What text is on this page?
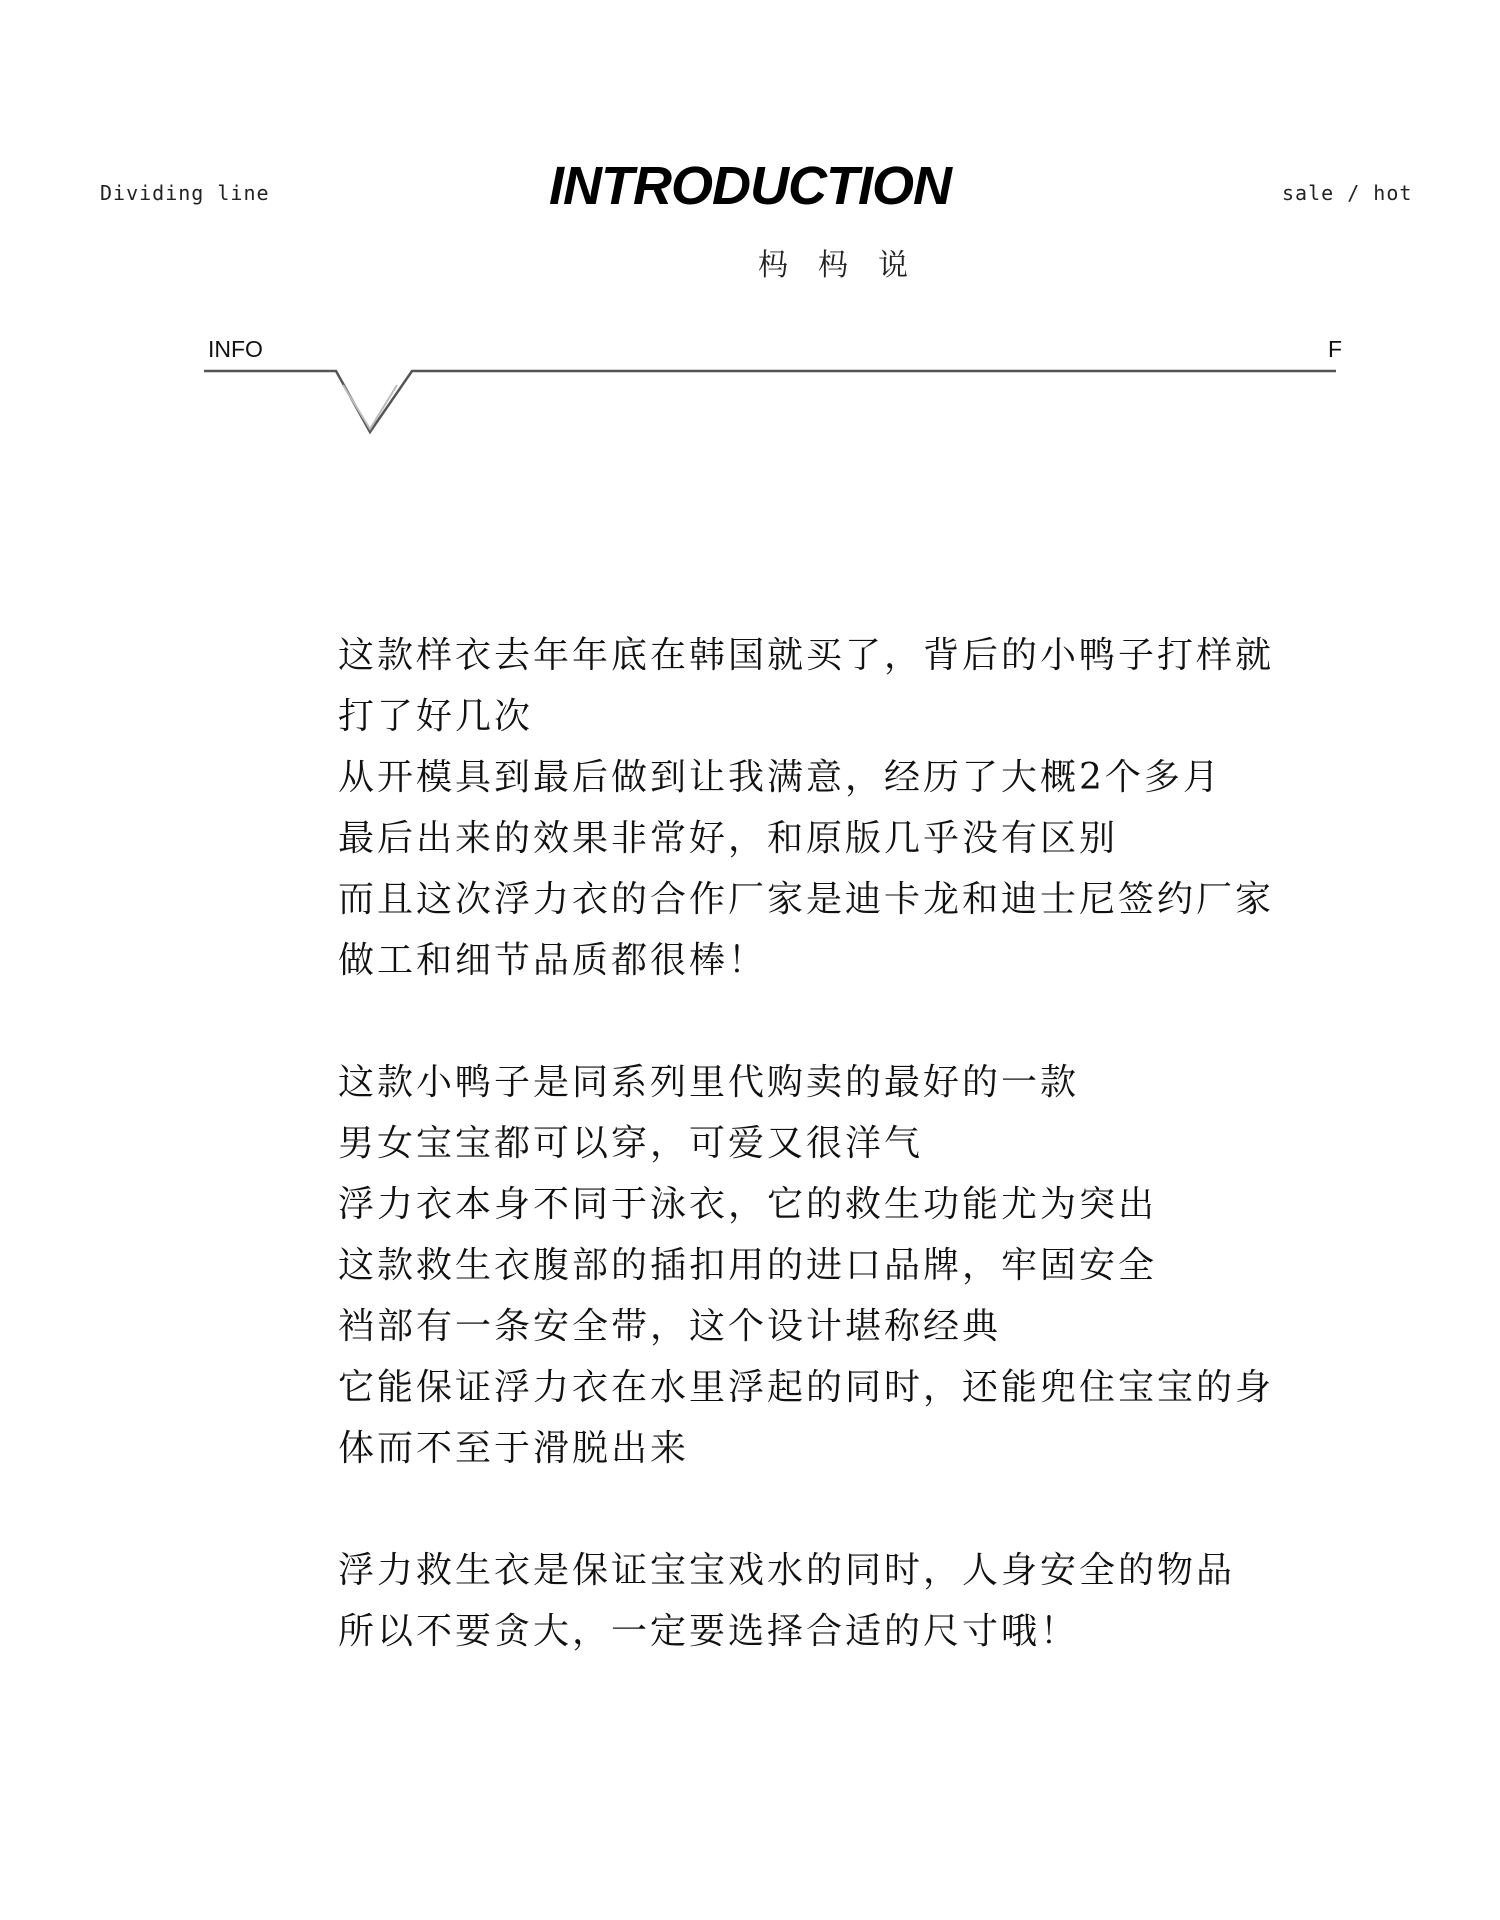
Dividing line	INTRODUCTION	sale / hot
杩杩说
INFO	F
这款样衣去年年底在韩国就买了，背后的小鸭子打样就
打了好几次
从开模具到最后做到让我满意，经历了大概2个多月
最后出来的效果非常好，和原版几乎没有区别
而且这次浮力衣的合作厂家是迪卡龙和迪士尼签约厂家
做工和细节品质都很棒！
这款小鸭子是同系列里代购卖的最好的一款
男女宝宝都可以穿，可爱又很洋气
浮力衣本身不同于泳衣，它的救生功能尤为突出
这款救生衣腹部的插扣用的进口品牌，牢固安全
裆部有一条安全带，这个设计堪称经典
它能保证浮力衣在水里浮起的同时，还能兜住宝宝的身
体而不至于滑脱出来
浮力救生衣是保证宝宝戏水的同时，人身安全的物品
所以不要贪大，一定要选择合适的尺寸哦！
